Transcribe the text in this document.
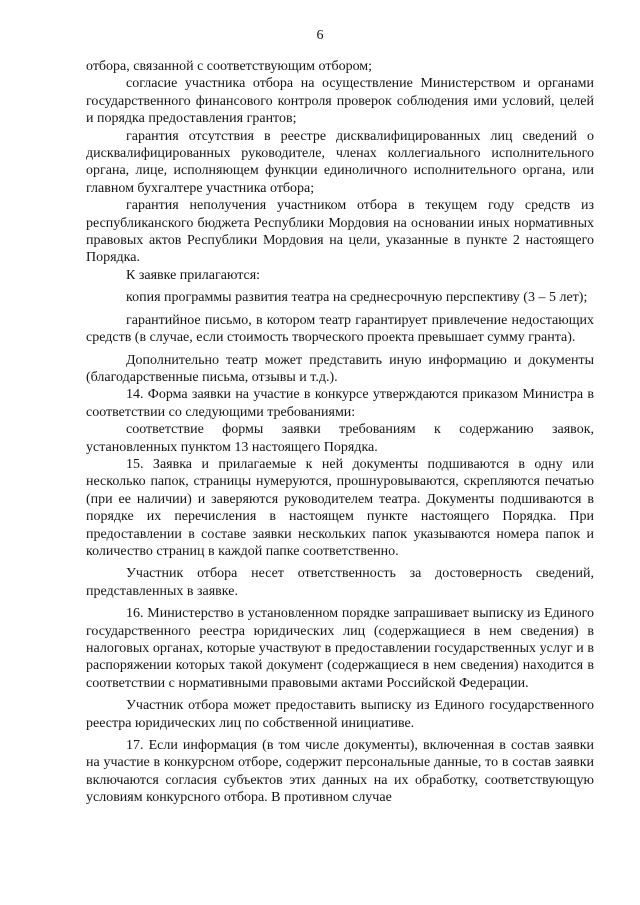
6

отбора, связанной с соответствующим отбором;

согласие участника отбора на осуществление Министерством и органами государственного финансового контроля проверок соблюдения ими условий, целей и порядка предоставления грантов;

гарантия отсутствия в реестре дисквалифицированных лиц сведений о дисквалифицированных руководителе, членах коллегиального исполнительного органа, лице, исполняющем функции единоличного исполнительного органа, или главном бухгалтере участника отбора;

гарантия неполучения участником отбора в текущем году средств из республиканского бюджета Республики Мордовия на основании иных нормативных правовых актов Республики Мордовия на цели, указанные в пункте 2 настоящего Порядка.

К заявке прилагаются:

копия программы развития театра на среднесрочную перспективу (3 – 5 лет);

гарантийное письмо, в котором театр гарантирует привлечение недостающих средств (в случае, если стоимость творческого проекта превышает сумму гранта).

Дополнительно театр может представить иную информацию и документы (благодарственные письма, отзывы и т.д.).

14. Форма заявки на участие в конкурсе утверждаются приказом Министра в соответствии со следующими требованиями:

соответствие формы заявки требованиям к содержанию заявок, установленных пунктом 13 настоящего Порядка.

15. Заявка и прилагаемые к ней документы подшиваются в одну или несколько папок, страницы нумеруются, прошнуровываются, скрепляются печатью (при ее наличии) и заверяются руководителем театра. Документы подшиваются в порядке их перечисления в настоящем пункте настоящего Порядка. При предоставлении в составе заявки нескольких папок указываются номера папок и количество страниц в каждой папке соответственно.

Участник отбора несет ответственность за достоверность сведений, представленных в заявке.

16. Министерство в установленном порядке запрашивает выписку из Единого государственного реестра юридических лиц (содержащиеся в нем сведения) в налоговых органах, которые участвуют в предоставлении государственных услуг и в распоряжении которых такой документ (содержащиеся в нем сведения) находится в соответствии с нормативными правовыми актами Российской Федерации.

Участник отбора может предоставить выписку из Единого государственного реестра юридических лиц по собственной инициативе.

17. Если информация (в том числе документы), включенная в состав заявки на участие в конкурсном отборе, содержит персональные данные, то в состав заявки включаются согласия субъектов этих данных на их обработку, соответствующую условиям конкурсного отбора. В противном случае
